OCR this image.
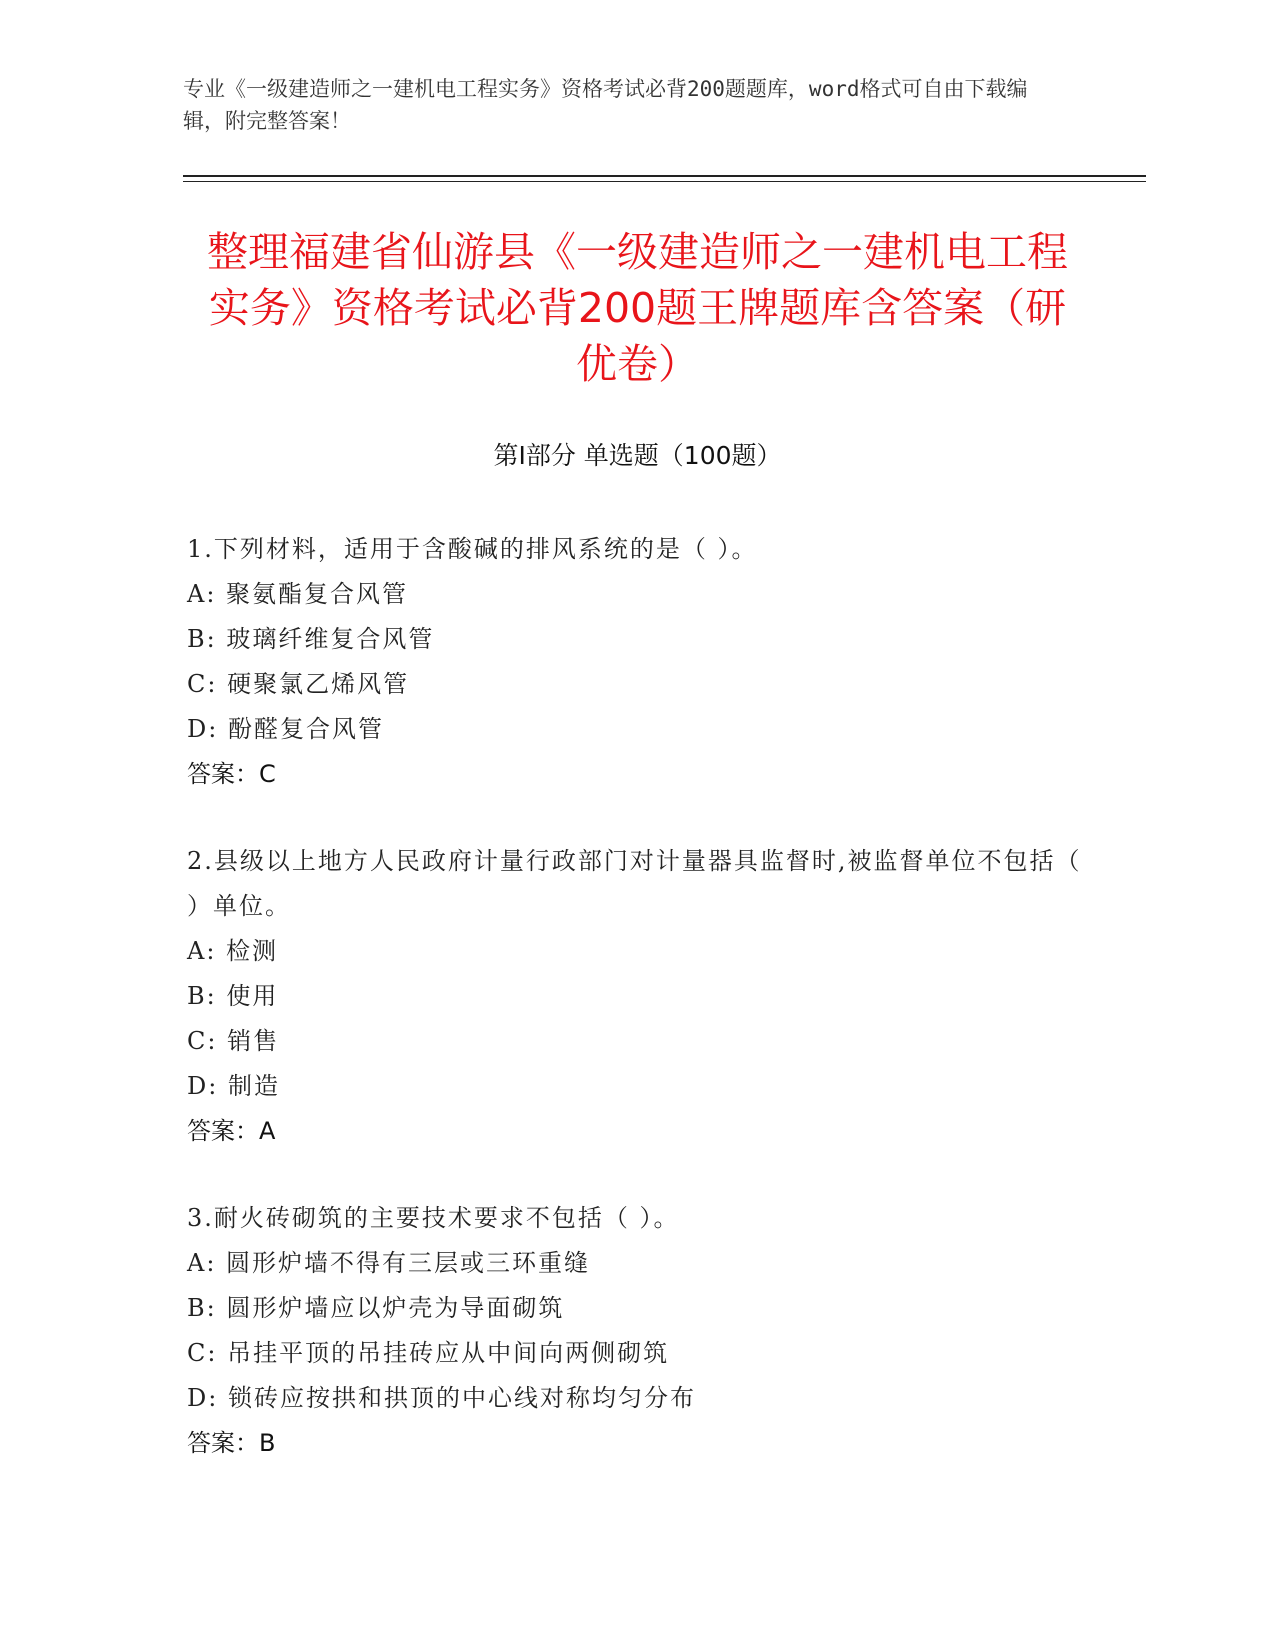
专业《一级建造师之一建机电工程实务》资格考试必背200题题库，word格式可自由下载编辑，附完整答案！
整理福建省仙游县《一级建造师之一建机电工程实务》资格考试必背200题王牌题库含答案（研优卷）
第Ⅰ部分 单选题（100题）
1.下列材料，适用于含酸碱的排风系统的是（ ）。
A: 聚氨酯复合风管
B: 玻璃纤维复合风管
C: 硬聚氯乙烯风管
D: 酚醛复合风管
答案：C
2.县级以上地方人民政府计量行政部门对计量器具监督时,被监督单位不包括（ ）单位。
A: 检测
B: 使用
C: 销售
D: 制造
答案：A
3.耐火砖砌筑的主要技术要求不包括（ ）。
A: 圆形炉墙不得有三层或三环重缝
B: 圆形炉墙应以炉壳为导面砌筑
C: 吊挂平顶的吊挂砖应从中间向两侧砌筑
D: 锁砖应按拱和拱顶的中心线对称均匀分布
答案：B
